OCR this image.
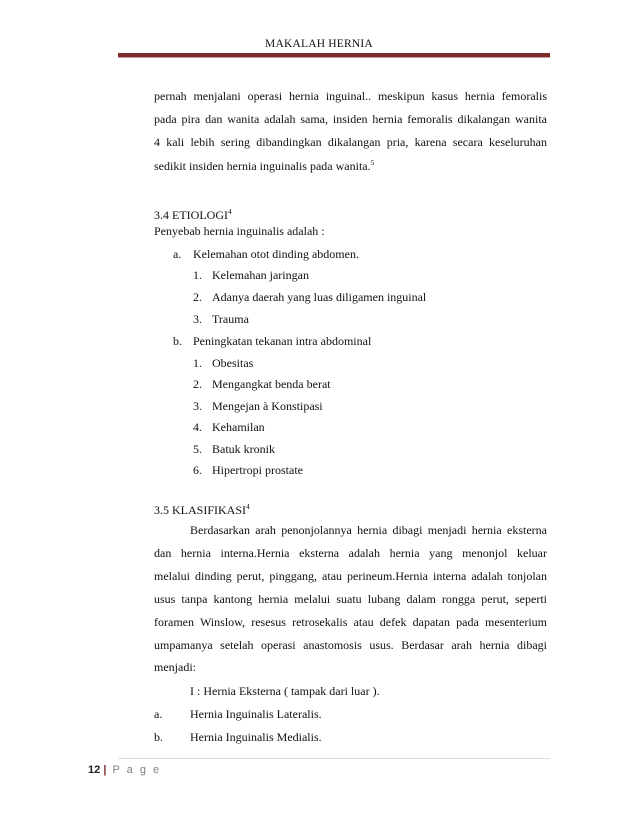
MAKALAH HERNIA
pernah menjalani operasi hernia inguinal.. meskipun kasus hernia femoralis
pada pira dan wanita adalah sama, insiden hernia femoralis dikalangan wanita
4 kali lebih sering dibandingkan dikalangan pria, karena secara keseluruhan
sedikit insiden hernia inguinalis pada wanita.$^5$
3.4 ETIOLOGI$^4$
Penyebab hernia inguinalis adalah :
a. Kelemahan otot dinding abdomen.
1. Kelemahan jaringan
2. Adanya daerah yang luas diligamen inguinal
3. Trauma
b. Peningkatan tekanan intra abdominal
1. Obesitas
2. Mengangkat benda berat
3. Mengejan à Konstipasi
4. Kehamilan
5. Batuk kronik
6. Hipertropi prostate
3.5 KLASIFIKASI$^4$
Berdasarkan arah penonjolannya hernia dibagi menjadi hernia eksterna
dan hernia interna.Hernia eksterna adalah hernia yang menonjol keluar
melalui dinding perut, pinggang, atau perineum.Hernia interna adalah tonjolan
usus tanpa kantong hernia melalui suatu lubang dalam rongga perut, seperti
foramen Winslow, resesus retrosekalis atau defek dapatan pada mesenterium
umpamanya setelah operasi anastomosis usus. Berdasar arah hernia dibagi
menjadi:
I : Hernia Eksterna ( tampak dari luar ).
a. Hernia Inguinalis Lateralis.
b. Hernia Inguinalis Medialis.
12 | P a g e
